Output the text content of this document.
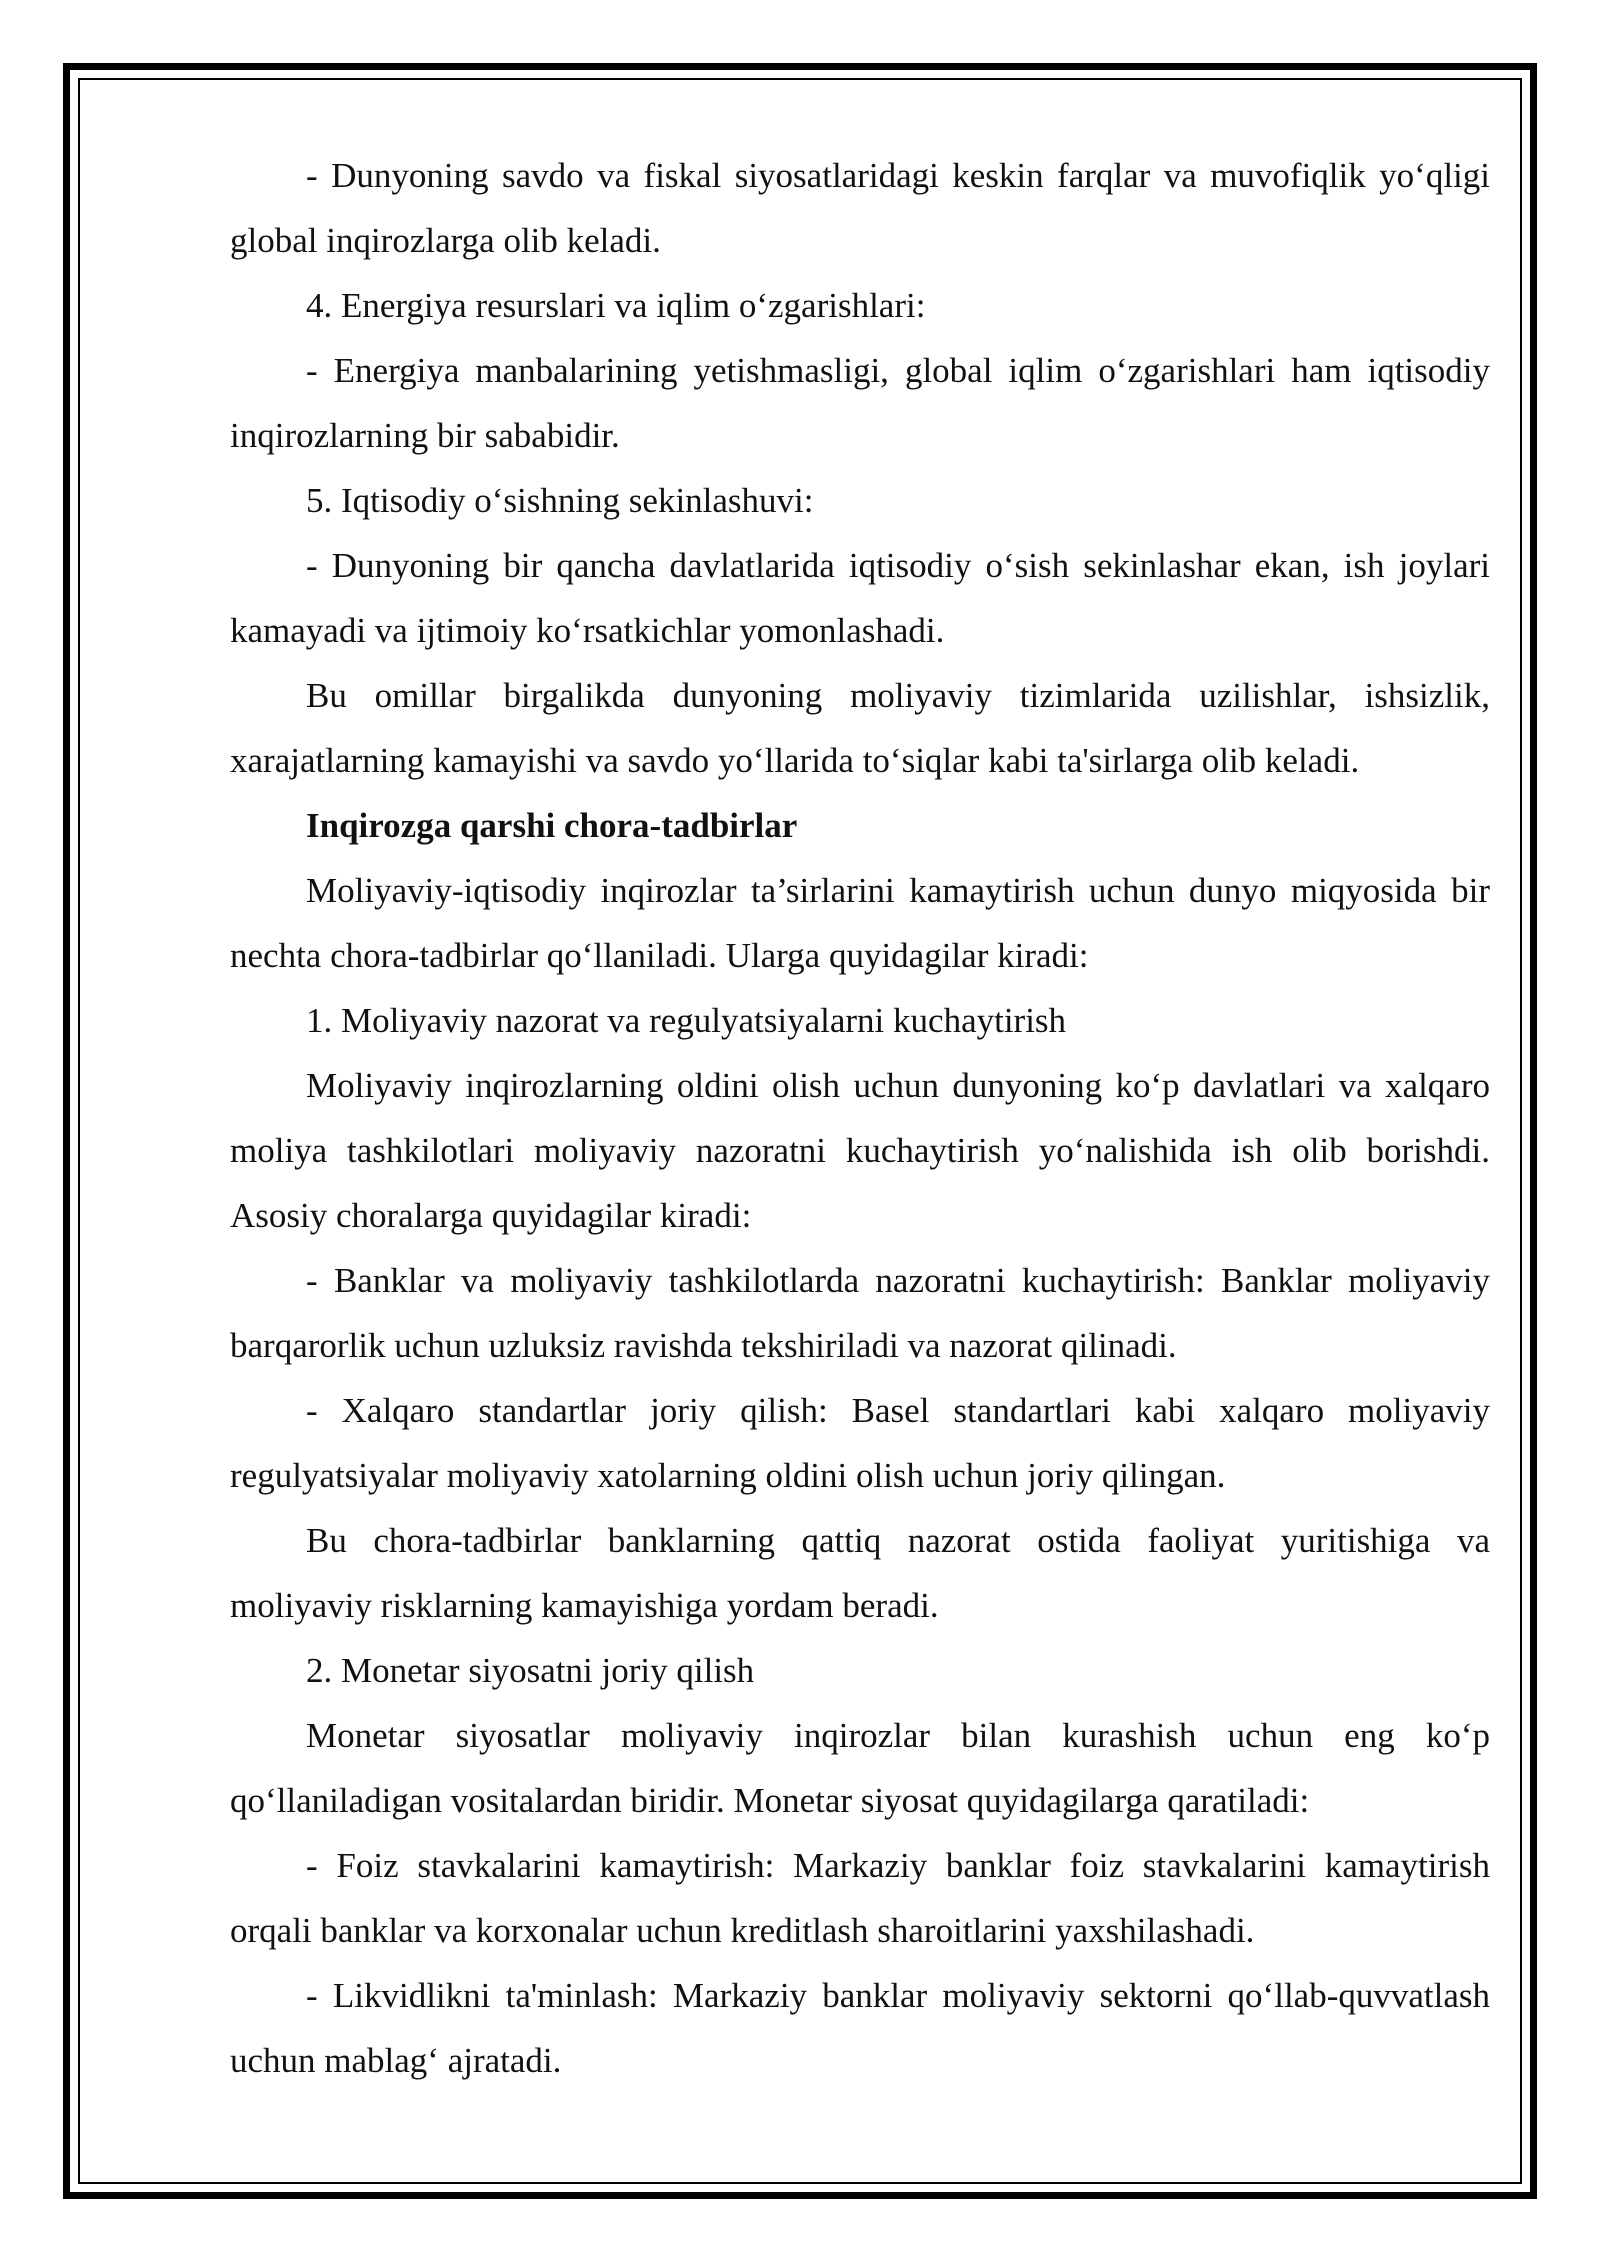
- Dunyoning savdo va fiskal siyosatlaridagi keskin farqlar va muvofiqlik yo‘qligi global inqirozlarga olib keladi.

4. Energiya resurslari va iqlim o‘zgarishlari:

- Energiya manbalarining yetishmasligi, global iqlim o‘zgarishlari ham iqtisodiy inqirozlarning bir sababidir.

5. Iqtisodiy o‘sishning sekinlashuvi:

- Dunyoning bir qancha davlatlarida iqtisodiy o‘sish sekinlashar ekan, ish joylari kamayadi va ijtimoiy ko‘rsatkichlar yomonlashadi.

Bu omillar birgalikda dunyoning moliyaviy tizimlarida uzilishlar, ishsizlik, xarajatlarning kamayishi va savdo yo‘llarida to‘siqlar kabi ta'sirlarga olib keladi.

Inqirozga qarshi chora-tadbirlar

Moliyaviy-iqtisodiy inqirozlar ta’sirlarini kamaytirish uchun dunyo miqyosida bir nechta chora-tadbirlar qo‘llaniladi. Ularga quyidagilar kiradi:

1. Moliyaviy nazorat va regulyatsiyalarni kuchaytirish

Moliyaviy inqirozlarning oldini olish uchun dunyoning ko‘p davlatlari va xalqaro moliya tashkilotlari moliyaviy nazoratni kuchaytirish yo‘nalishida ish olib borishdi. Asosiy choralarga quyidagilar kiradi:

- Banklar va moliyaviy tashkilotlarda nazoratni kuchaytirish: Banklar moliyaviy barqarorlik uchun uzluksiz ravishda tekshiriladi va nazorat qilinadi.

- Xalqaro standartlar joriy qilish: Basel standartlari kabi xalqaro moliyaviy regulyatsiyalar moliyaviy xatolarning oldini olish uchun joriy qilingan.

Bu chora-tadbirlar banklarning qattiq nazorat ostida faoliyat yuritishiga va moliyaviy risklarning kamayishiga yordam beradi.

2. Monetar siyosatni joriy qilish

Monetar siyosatlar moliyaviy inqirozlar bilan kurashish uchun eng ko‘p qo‘llaniladigan vositalardan biridir. Monetar siyosat quyidagilarga qaratiladi:

- Foiz stavkalarini kamaytirish: Markaziy banklar foiz stavkalarini kamaytirish orqali banklar va korxonalar uchun kreditlash sharoitlarini yaxshilashadi.

- Likvidlikni ta'minlash: Markaziy banklar moliyaviy sektorni qo‘llab-quvvatlash uchun mablag‘ ajratadi.
